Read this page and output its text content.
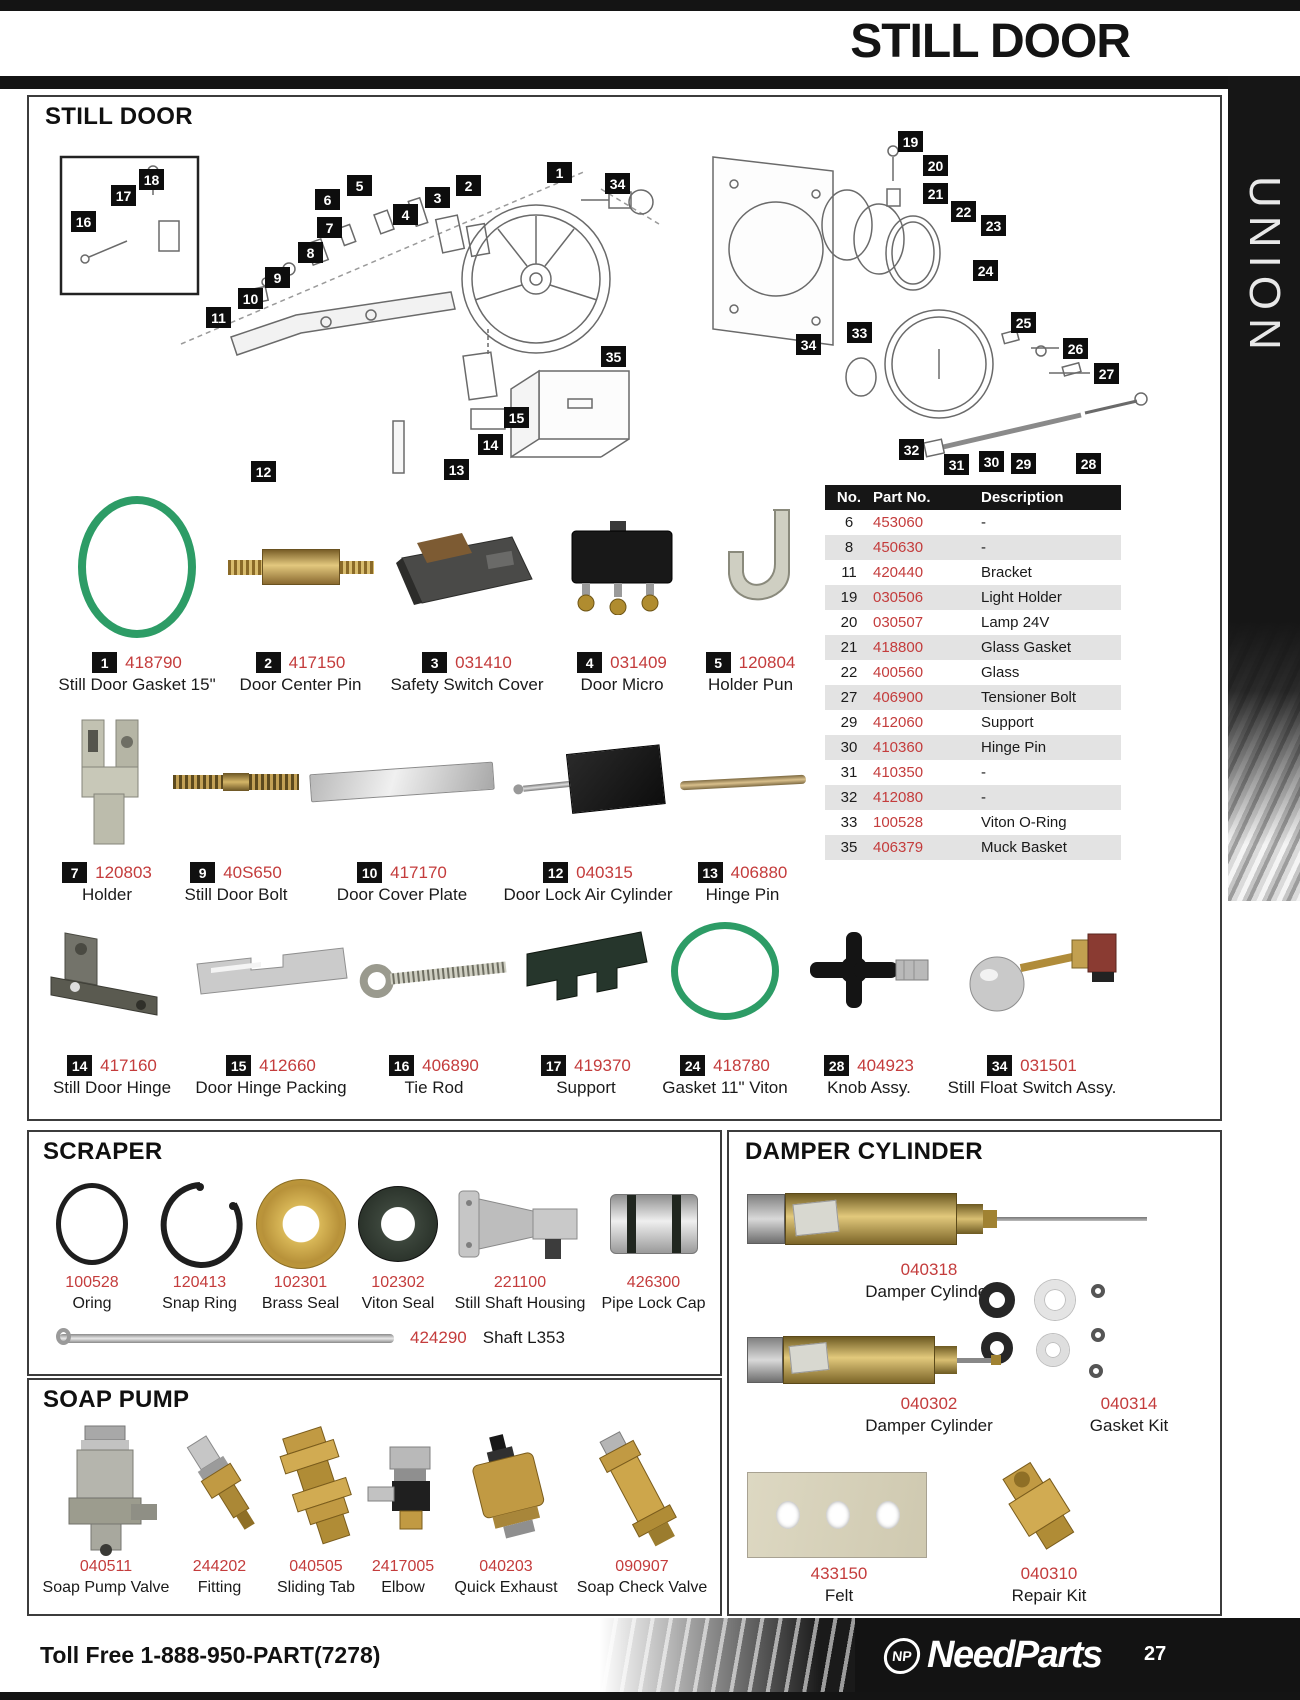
STILL DOOR
UNION
STILL DOOR
1
34
2
3
5
6
4
7
8
9
10
11
18
17
16
35
15
14
13
12
19
20
21
22
23
24
25
26
27
33
34
32
31	30	29	28
No. Part No.	Description
6	453060	-
8	450630	-
11	420440	Bracket
19	030506	Light Holder
20	030507	Lamp 24V
21	418800	Glass Gasket
22	400560	Glass
27	406900	Tensioner Bolt
29	412060	Support
30	410360	Hinge Pin
31	410350	-
32	412080	-
33	100528	Viton O-Ring
35	406379	Muck Basket
1 418790
Still Door Gasket 15"
2 417150
Door Center Pin
3 031410
Safety Switch Cover
4 031409
Door Micro
5 120804
Holder Pun
7 120803
Holder
9 40S650
Still Door Bolt
10 417170
Door Cover Plate
12 040315
Door Lock Air Cylinder
13 406880
Hinge Pin
14 417160
Still Door Hinge
15 412660
Door Hinge Packing
16 406890
Tie Rod
17 419370
Support
24 418780
Gasket 11" Viton
28 404923
Knob Assy.
34 031501
Still Float Switch Assy.
SCRAPER
100528
Oring
120413
Snap Ring
102301
Brass Seal
102302
Viton Seal
221100
Still Shaft Housing
426300
Pipe Lock Cap
424290 Shaft L353
SOAP PUMP
040511
Soap Pump Valve
244202
Fitting
040505
Sliding Tab
2417005
Elbow
040203
Quick Exhaust
090907
Soap Check Valve
DAMPER CYLINDER
040318
Damper Cylinder
040302
Damper Cylinder
040314
Gasket Kit
433150
Felt
040310
Repair Kit
Toll Free 1-888-950-PART(7278)	NP NeedParts 27
